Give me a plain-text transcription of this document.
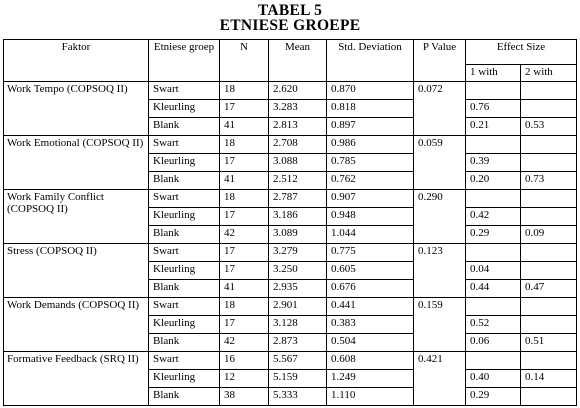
TABEL 5
ETNIESE GROEPE
Faktor	Etniese groep	N	Mean	Std. Deviation	P Value	Effect Size	
						1 with	2 with
Work Tempo (COPSOQ II)	Swart	18	2.620	0.870	0.072		
	Kleurling	17	3.283	0.818		0.76	
	Blank	41	2.813	0.897		0.21	0.53
Work Emotional (COPSOQ II)	Swart	18	2.708	0.986	0.059		
	Kleurling	17	3.088	0.785		0.39	
	Blank	41	2.512	0.762		0.20	0.73
Work Family Conflict (COPSOQ II)	Swart	18	2.787	0.907	0.290		
	Kleurling	17	3.186	0.948		0.42	
	Blank	42	3.089	1.044		0.29	0.09
Stress (COPSOQ II)	Swart	17	3.279	0.775	0.123		
	Kleurling	17	3.250	0.605		0.04	
	Blank	41	2.935	0.676		0.44	0.47
Work Demands (COPSOQ II)	Swart	18	2.901	0.441	0.159		
	Kleurling	17	3.128	0.383		0.52	
	Blank	42	2.873	0.504		0.06	0.51
Formative Feedback (SRQ II)	Swart	16	5.567	0.608	0.421		
	Kleurling	12	5.159	1.249		0.40	0.14
	Blank	38	5.333	1.110		0.29	
